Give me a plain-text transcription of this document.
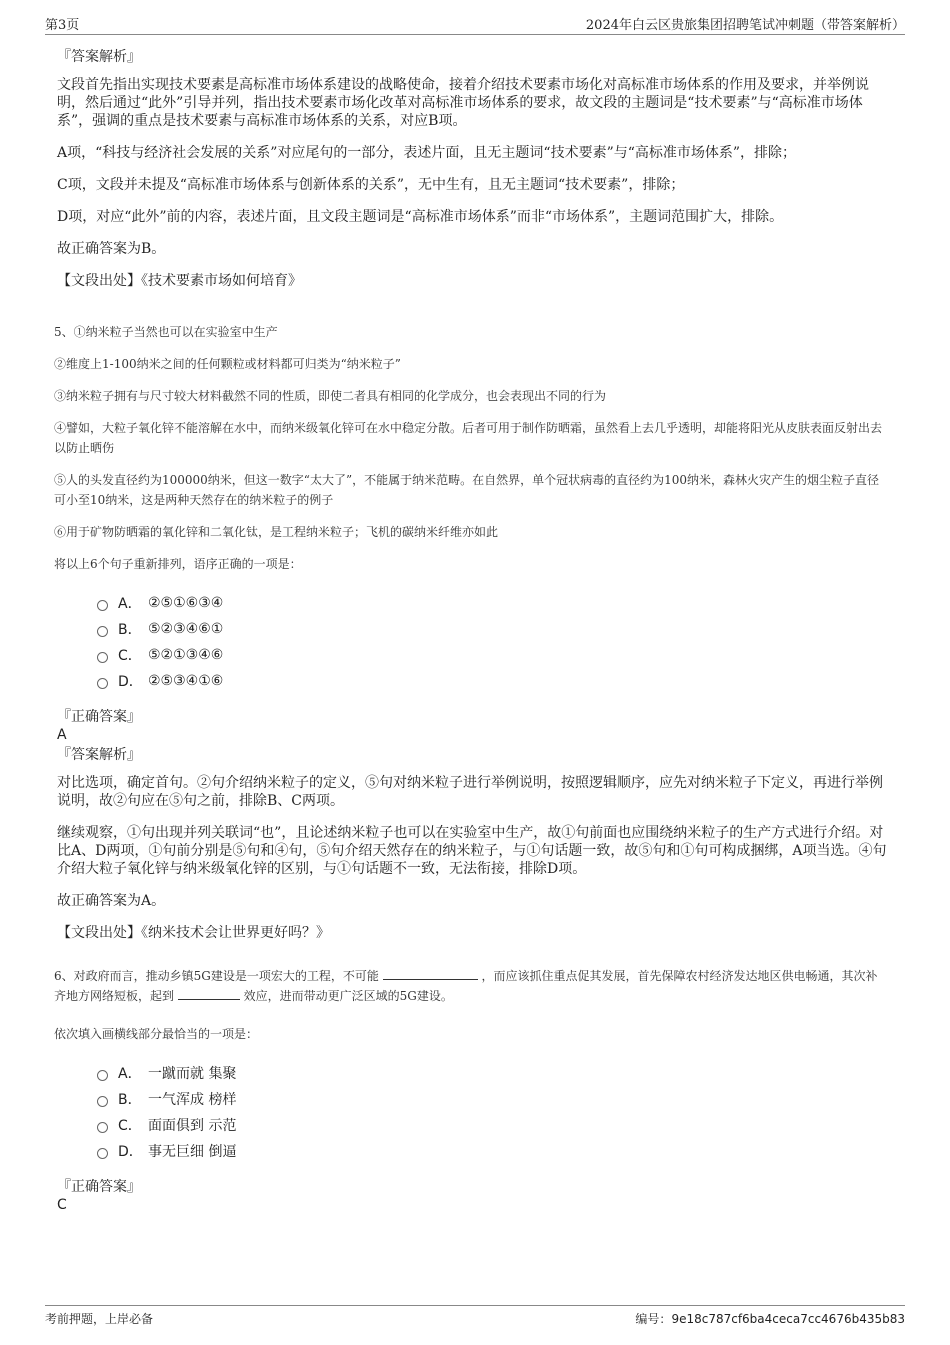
第3页	2024年白云区贵旅集团招聘笔试冲刺题（带答案解析）

『答案解析』

文段首先指出实现技术要素是高标准市场体系建设的战略使命，接着介绍技术要素市场化对高标准市场体系的作用及要求，并举例说明，然后通过“此外”引导并列，指出技术要素市场化改革对高标准市场体系的要求，故文段的主题词是“技术要素”与“高标准市场体系”，强调的重点是技术要素与高标准市场体系的关系，对应B项。

A项，“科技与经济社会发展的关系”对应尾句的一部分，表述片面，且无主题词“技术要素”与“高标准市场体系”，排除；

C项，文段并未提及“高标准市场体系与创新体系的关系”，无中生有，且无主题词“技术要素”，排除；

D项，对应“此外”前的内容，表述片面，且文段主题词是“高标准市场体系”而非“市场体系”，主题词范围扩大，排除。

故正确答案为B。

【文段出处】《技术要素市场如何培育》

5、①纳米粒子当然也可以在实验室中生产

②维度上1-100纳米之间的任何颗粒或材料都可归类为“纳米粒子”

③纳米粒子拥有与尺寸较大材料截然不同的性质，即使二者具有相同的化学成分，也会表现出不同的行为

④譬如，大粒子氧化锌不能溶解在水中，而纳米级氧化锌可在水中稳定分散。后者可用于制作防晒霜，虽然看上去几乎透明，却能将阳光从皮肤表面反射出去以防止晒伤

⑤人的头发直径约为100000纳米，但这一数字“太大了”，不能属于纳米范畴。在自然界，单个冠状病毒的直径约为100纳米，森林火灾产生的烟尘粒子直径可小至10纳米，这是两种天然存在的纳米粒子的例子

⑥用于矿物防晒霜的氧化锌和二氧化钛，是工程纳米粒子；飞机的碳纳米纤维亦如此

将以上6个句子重新排列，语序正确的一项是：

A． ②⑤①⑥③④
B． ⑤②③④⑥①
C． ⑤②①③④⑥
D． ②⑤③④①⑥

『正确答案』

A

『答案解析』

对比选项，确定首句。②句介绍纳米粒子的定义，⑤句对纳米粒子进行举例说明，按照逻辑顺序，应先对纳米粒子下定义，再进行举例说明，故②句应在⑤句之前，排除B、C两项。

继续观察，①句出现并列关联词“也”，且论述纳米粒子也可以在实验室中生产，故①句前面也应围绕纳米粒子的生产方式进行介绍。对比A、D两项，①句前分别是⑤句和④句，⑤句介绍天然存在的纳米粒子，与①句话题一致，故⑤句和①句可构成捆绑，A项当选。④句介绍大粒子氧化锌与纳米级氧化锌的区别，与①句话题不一致，无法衔接，排除D项。

故正确答案为A。

【文段出处】《纳米技术会让世界更好吗？》

6、对政府而言，推动乡镇5G建设是一项宏大的工程，不可能	，而应该抓住重点促其发展，首先保障农村经济发达地区供电畅通，其次补齐地方网络短板，起到	效应，进而带动更广泛区域的5G建设。

依次填入画横线部分最恰当的一项是：

A． 一蹴而就 集聚
B． 一气浑成 榜样
C． 面面俱到 示范
D． 事无巨细 倒逼

『正确答案』

C

考前押题，上岸必备	编号：9e18c787cf6ba4ceca7cc4676b435b83
